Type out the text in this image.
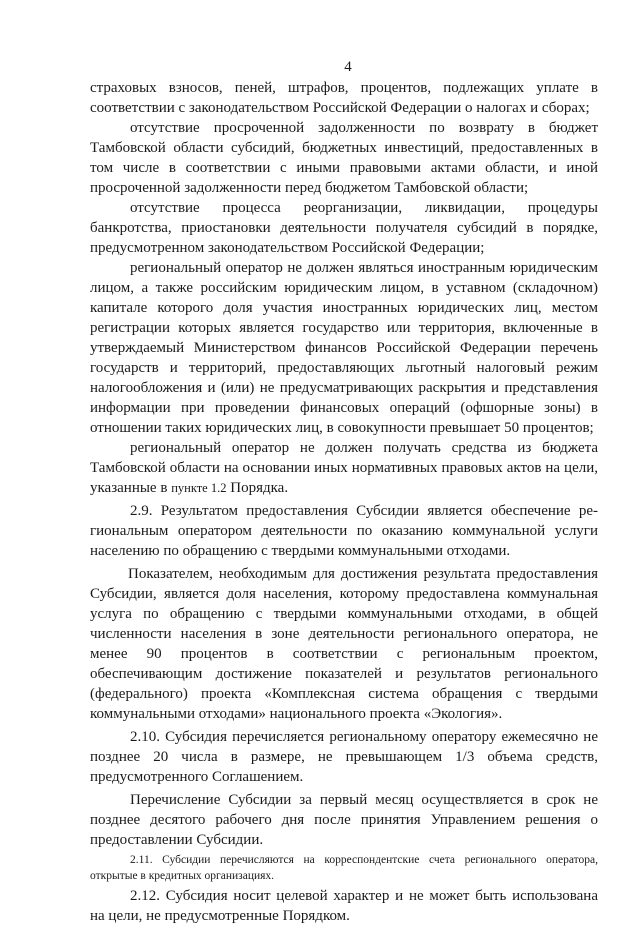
4

страховых взносов, пеней, штрафов, процентов, подлежащих уплате в соответствии с законодательством Российской Федерации о налогах и сборах;

отсутствие просроченной задолженности по возврату в бюджет Тамбовской области субсидий, бюджетных инвестиций, предоставленных в том числе в соответствии с иными правовыми актами области, и иной просроченной задолженности перед бюджетом Тамбовской области;

отсутствие процесса реорганизации, ликвидации, процедуры банкротства, приостановки деятельности получателя субсидий в порядке, предусмотренном законодательством Российской Федерации;

региональный оператор не должен являться иностранным юридическим лицом, а также российским юридическим лицом, в уставном (складочном) капитале которого доля участия иностранных юридических лиц, местом регистрации которых является государство или территория, включенные в утверждаемый Министерством финансов Российской Федерации перечень государств и территорий, предоставляющих льготный налоговый режим налогообложения и (или) не предусматривающих раскрытия и представления информации при проведении финансовых операций (офшорные зоны) в отношении таких юридических лиц, в совокупности превышает 50 процентов;

региональный оператор не должен получать средства из бюджета Тамбовской области на основании иных нормативных правовых актов на цели, указанные в пункте 1.2 Порядка.

2.9. Результатом предоставления Субсидии является обеспечение ре-гиональным оператором деятельности по оказанию коммунальной услуги населению по обращению с твердыми коммунальными отходами.

Показателем, необходимым для достижения результата предоставления Субсидии, является доля населения, которому предоставлена коммунальная услуга по обращению с твердыми коммунальными отходами, в общей численности населения в зоне деятельности регионального оператора, не менее 90 процентов в соответствии с региональным проектом, обеспечивающим достижение показателей и результатов регионального (федерального) проекта «Комплексная система обращения с твердыми коммунальными отходами» национального проекта «Экология».

2.10. Субсидия перечисляется региональному оператору ежемесячно не позднее 20 числа в размере, не превышающем 1/3 объема средств, предусмотренного Соглашением.

Перечисление Субсидии за первый месяц осуществляется в срок не позднее десятого рабочего дня после принятия Управлением решения о предоставлении Субсидии.

2.11. Субсидии перечисляются на корреспондентские счета регионального оператора, открытые в кредитных организациях.

2.12. Субсидия носит целевой характер и не может быть использована на цели, не предусмотренные Порядком.
